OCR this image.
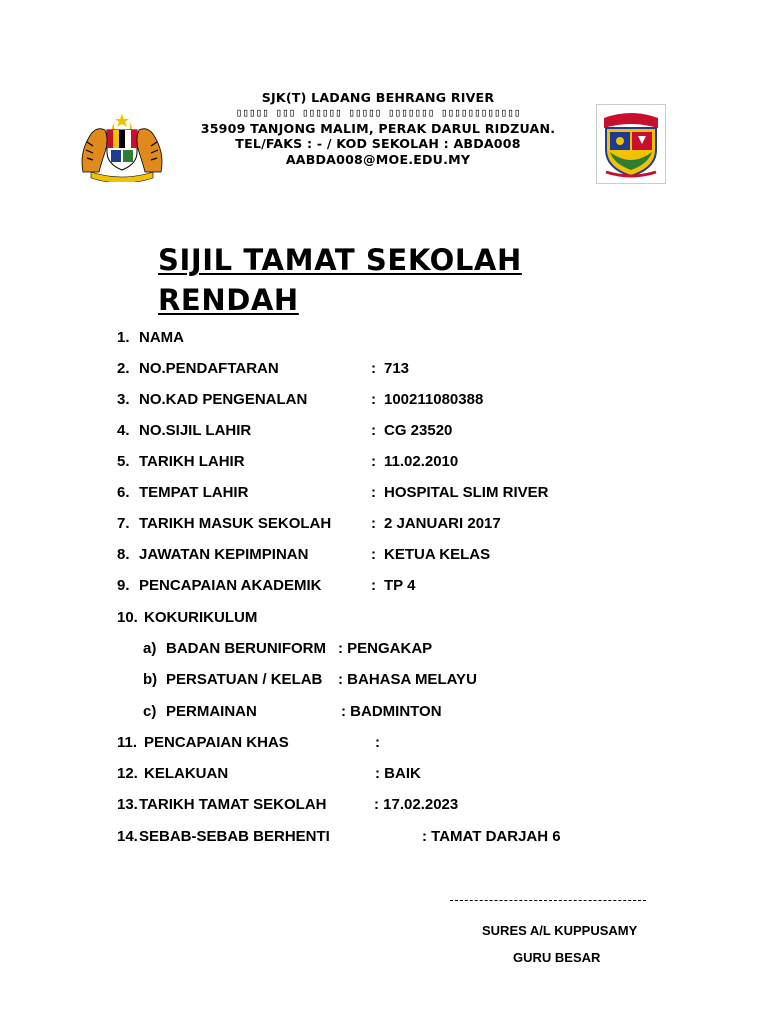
SJK(T) LADANG BEHRANG RIVER
▯▯▯▯▯ ▯▯▯ ▯▯▯▯▯▯ ▯▯▯▯▯ ▯▯▯▯▯▯▯ ▯▯▯▯▯▯▯▯▯▯▯▯
35909 TANJONG MALIM, PERAK DARUL RIDZUAN.
TEL/FAKS : - / KOD SEKOLAH : ABDA008
AABDA008@MOE.EDU.MY
SIJIL TAMAT SEKOLAH
RENDAH
1. NAMA
2. NO.PENDAFTARAN	: 713
3. NO.KAD PENGENALAN	: 100211080388
4. NO.SIJIL LAHIR	: CG 23520
5. TARIKH LAHIR	: 11.02.2010
6. TEMPAT LAHIR	: HOSPITAL SLIM RIVER
7. TARIKH MASUK SEKOLAH	: 2 JANUARI 2017
8. JAWATAN KEPIMPINAN	: KETUA KELAS
9. PENCAPAIAN AKADEMIK	: TP 4
10. KOKURIKULUM
a) BADAN BERUNIFORM : PENGAKAP
b) PERSATUAN / KELAB : BAHASA MELAYU
c) PERMAINAN	: BADMINTON
11. PENCAPAIAN KHAS	:
12. KELAKUAN	: BAIK
13. TARIKH TAMAT SEKOLAH	: 17.02.2023
14. SEBAB-SEBAB BERHENTI	: TAMAT DARJAH 6
SURES A/L KUPPUSAMY
GURU BESAR
